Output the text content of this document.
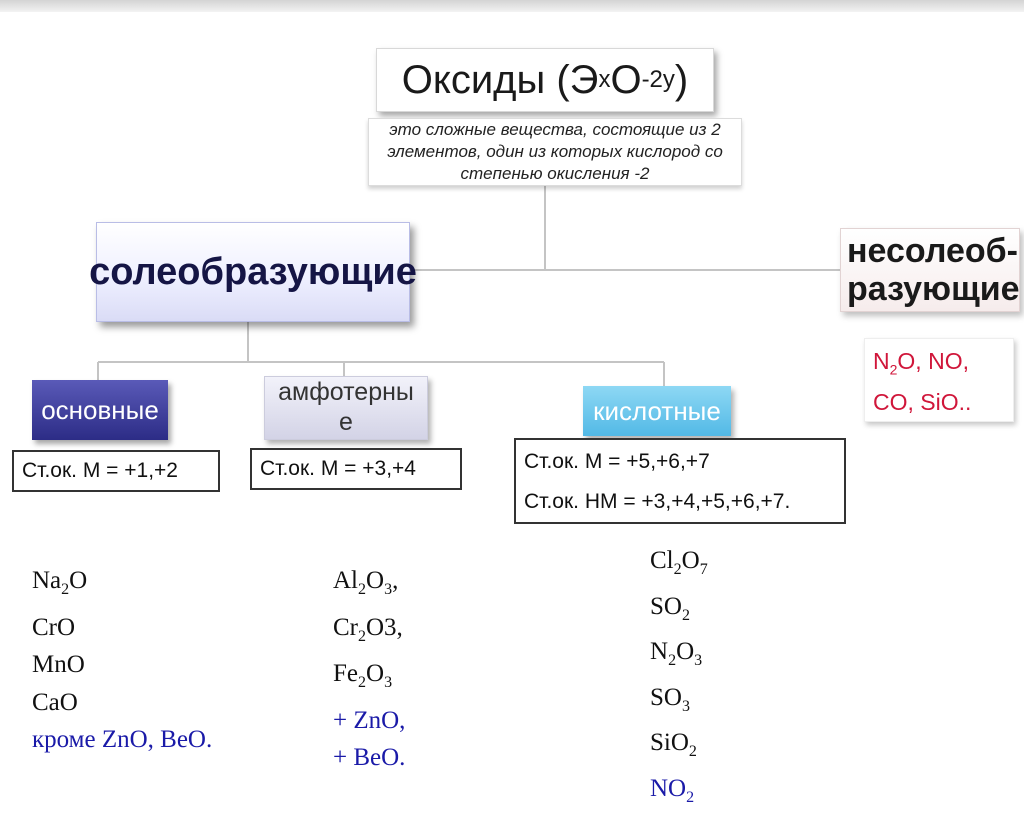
Оксиды (Э x O -2 y )
это сложные вещества, состоящие из 2
элементов, один из которых кислород со
степенью окисления -2
солеобразующие	несолеоб-
разующие
$N_2O$, NO,
CO, SiO..
основные
амфотерны
е	кислотные
Ст.ок. М = +1,+2	Ст.ок. М = +3,+4	Ст.ок. М = +5,+6,+7
Ст.ок. НМ = +3,+4,+5,+6,+7.
$Na_2O$
CrO
MnO
CaO
кроме ZnO, BeO.
$Al_2O_3$,
$Cr_2O3$,
$Fe_2O_3$
+ ZnO,
+ BeO.
$Cl_2O_7$
$SO_2$
$N_2O_3$
$SO_3$
SiO$_2$
$NO_2$
